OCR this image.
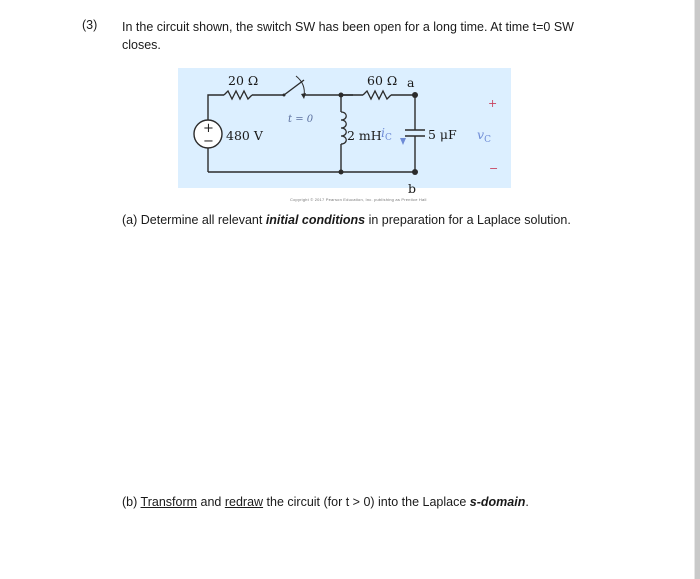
(3) In the circuit shown, the switch SW has been open for a long time. At time t=0 SW closes.
+
−
20 Ω	60 Ω a
b
t = 0
480 V	2 mH	5 μF
$i_C$	$v_C$
+
−
Copyright © 2017 Pearson Education, Inc. publishing as Prentice Hall
(a) Determine all relevant initial conditions in preparation for a Laplace solution.
(b) Transform and redraw the circuit (for t > 0) into the Laplace s-domain.
